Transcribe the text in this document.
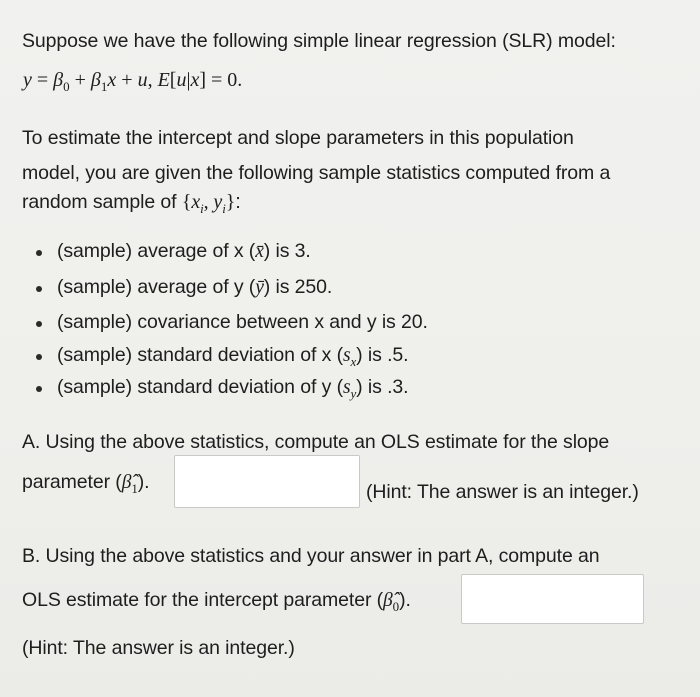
Suppose we have the following simple linear regression (SLR) model:
$y = \beta_0 + \beta_1x + u$, E[u|x] = 0.
To estimate the intercept and slope parameters in this population
model, you are given the following sample statistics computed from a
random sample of {$x_i$, $y_i$}:
(sample) average of x (x̄) is 3.
(sample) average of y (ȳ) is 250.
(sample) covariance between x and y is 20.
(sample) standard deviation of x $(s_x)$ is .5.
(sample) standard deviation of y $(s_y)$ is .3.
A. Using the above statistics, compute an OLS estimate for the slope
parameter $(\betâ_1)$.	(Hint: The answer is an integer.)
B. Using the above statistics and your answer in part A, compute an
OLS estimate for the intercept parameter $(\betâ_0)$.
(Hint: The answer is an integer.)
